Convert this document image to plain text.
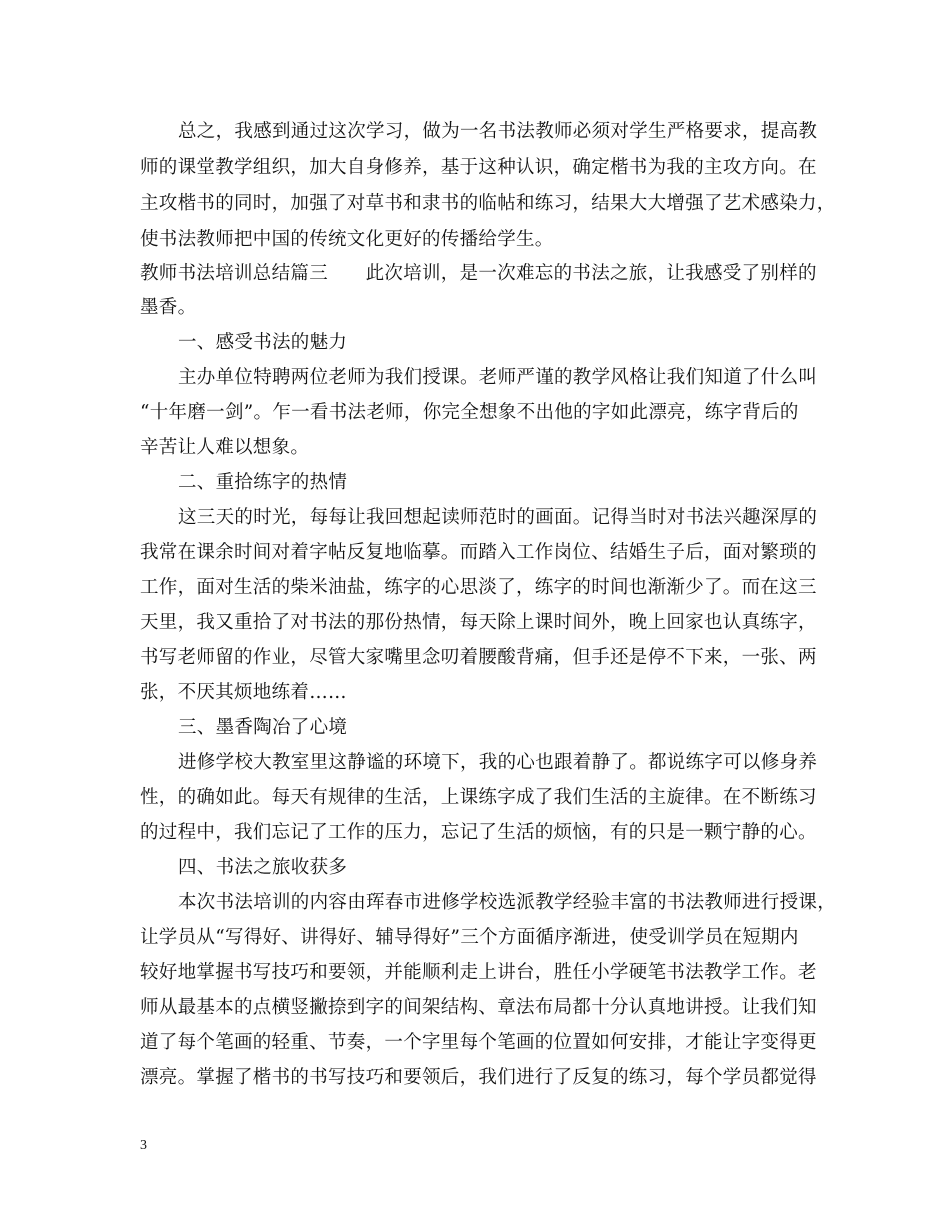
总之，我感到通过这次学习，做为一名书法教师必须对学生严格要求，提高教
师的课堂教学组织，加大自身修养，基于这种认识，确定楷书为我的主攻方向。在
主攻楷书的同时，加强了对草书和隶书的临帖和练习，结果大大增强了艺术感染力，
使书法教师把中国的传统文化更好的传播给学生。
教师书法培训总结篇三　　此次培训，是一次难忘的书法之旅，让我感受了别样的
墨香。
一、感受书法的魅力
主办单位特聘两位老师为我们授课。老师严谨的教学风格让我们知道了什么叫
“十年磨一剑”。乍一看书法老师，你完全想象不出他的字如此漂亮，练字背后的
辛苦让人难以想象。
二、重拾练字的热情
这三天的时光，每每让我回想起读师范时的画面。记得当时对书法兴趣深厚的
我常在课余时间对着字帖反复地临摹。而踏入工作岗位、结婚生子后，面对繁琐的
工作，面对生活的柴米油盐，练字的心思淡了，练字的时间也渐渐少了。而在这三
天里，我又重拾了对书法的那份热情，每天除上课时间外，晚上回家也认真练字，
书写老师留的作业，尽管大家嘴里念叨着腰酸背痛，但手还是停不下来，一张、两
张，不厌其烦地练着……
三、墨香陶冶了心境
进修学校大教室里这静谧的环境下，我的心也跟着静了。都说练字可以修身养
性，的确如此。每天有规律的生活，上课练字成了我们生活的主旋律。在不断练习
的过程中，我们忘记了工作的压力，忘记了生活的烦恼，有的只是一颗宁静的心。
四、书法之旅收获多
本次书法培训的内容由珲春市进修学校选派教学经验丰富的书法教师进行授课，
让学员从“写得好、讲得好、辅导得好”三个方面循序渐进，使受训学员在短期内
较好地掌握书写技巧和要领，并能顺利走上讲台，胜任小学硬笔书法教学工作。老
师从最基本的点横竖撇捺到字的间架结构、章法布局都十分认真地讲授。让我们知
道了每个笔画的轻重、节奏，一个字里每个笔画的位置如何安排，才能让字变得更
漂亮。掌握了楷书的书写技巧和要领后，我们进行了反复的练习，每个学员都觉得
3
